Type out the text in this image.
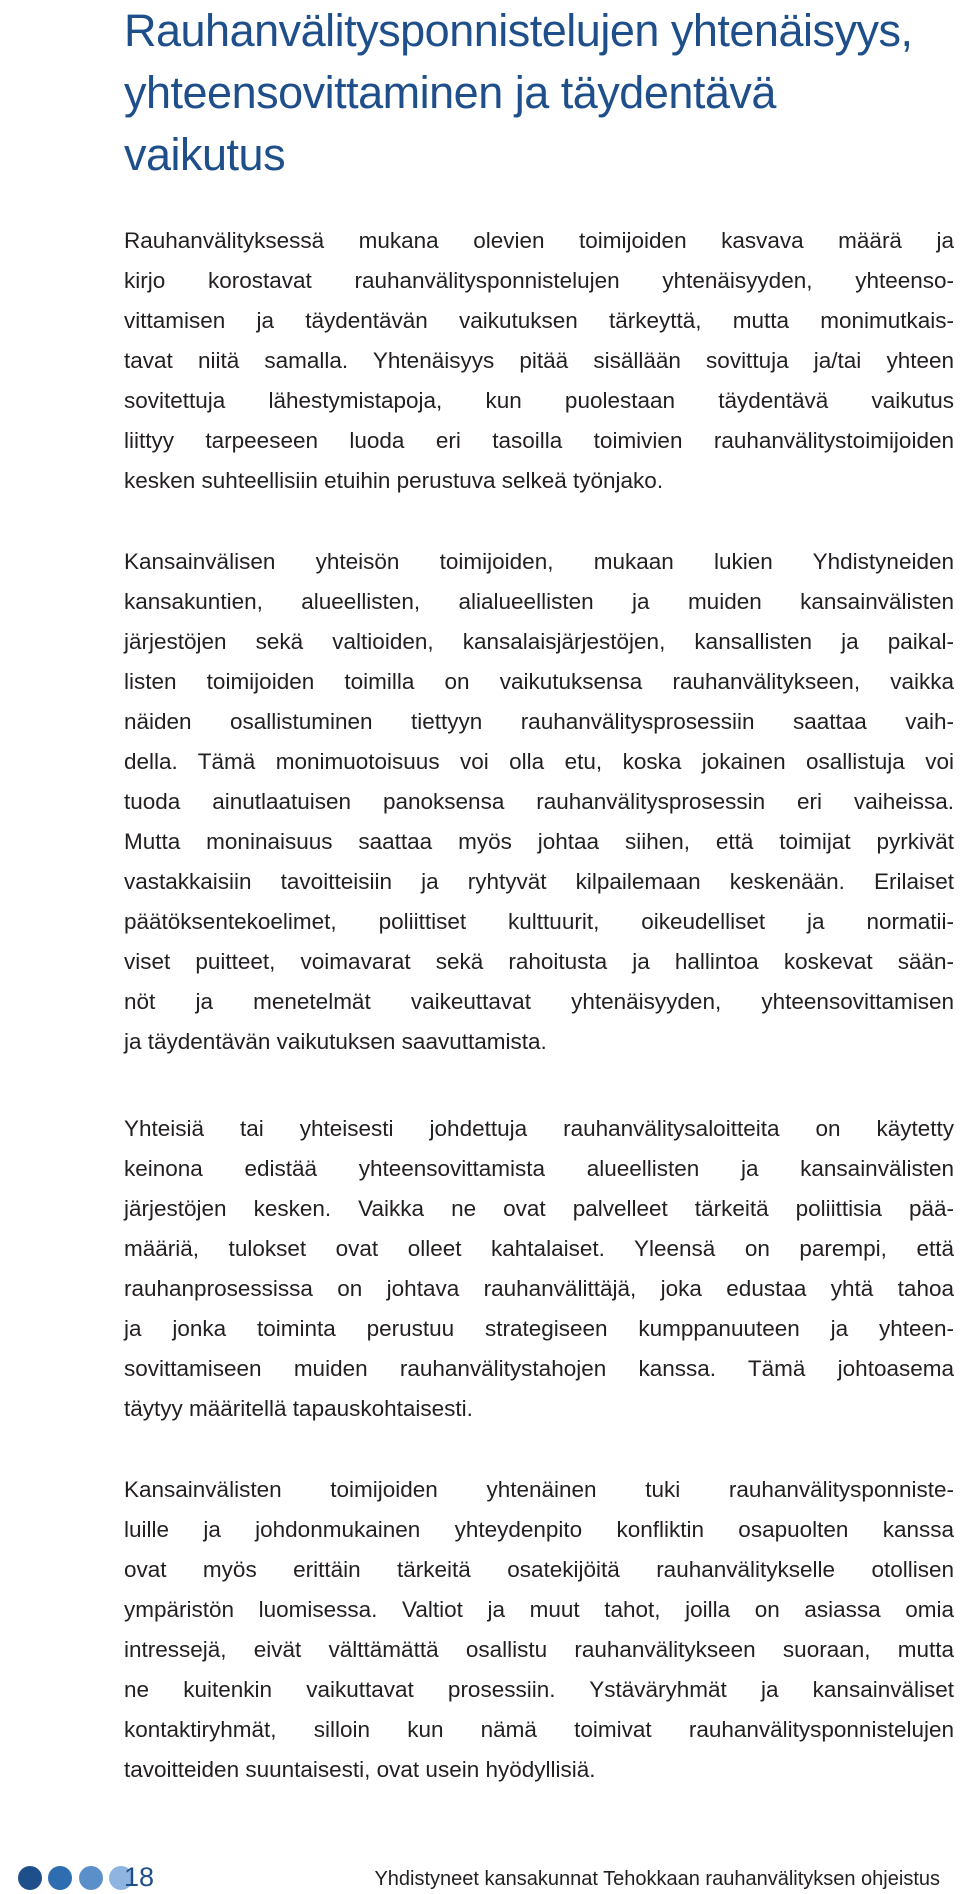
Rauhanvälitysponnistelujen yhtenäisyys,
yhteensovittaminen ja täydentävä
vaikutus
Rauhanvälityksessä mukana olevien toimijoiden kasvava määrä ja
kirjo korostavat rauhanvälitysponnistelujen yhtenäisyyden, yhteenso-
vittamisen ja täydentävän vaikutuksen tärkeyttä, mutta monimutkais-
tavat niitä samalla. Yhtenäisyys pitää sisällään sovittuja ja/tai yhteen
sovitettuja lähestymistapoja, kun puolestaan täydentävä vaikutus
liittyy tarpeeseen luoda eri tasoilla toimivien rauhanvälitystoimijoiden
kesken suhteellisiin etuihin perustuva selkeä työnjako.
Kansainvälisen yhteisön toimijoiden, mukaan lukien Yhdistyneiden
kansakuntien, alueellisten, alialueellisten ja muiden kansainvälisten
järjestöjen sekä valtioiden, kansalaisjärjestöjen, kansallisten ja paikal-
listen toimijoiden toimilla on vaikutuksensa rauhanvälitykseen, vaikka
näiden osallistuminen tiettyyn rauhanvälitysprosessiin saattaa vaih-
della. Tämä monimuotoisuus voi olla etu, koska jokainen osallistuja voi
tuoda ainutlaatuisen panoksensa rauhanvälitysprosessin eri vaiheissa.
Mutta moninaisuus saattaa myös johtaa siihen, että toimijat pyrkivät
vastakkaisiin tavoitteisiin ja ryhtyvät kilpailemaan keskenään. Erilaiset
päätöksentekoelimet, poliittiset kulttuurit, oikeudelliset ja normatii-
viset puitteet, voimavarat sekä rahoitusta ja hallintoa koskevat sään-
nöt ja menetelmät vaikeuttavat yhtenäisyyden, yhteensovittamisen
ja täydentävän vaikutuksen saavuttamista.
Yhteisiä tai yhteisesti johdettuja rauhanvälitysaloitteita on käytetty
keinona edistää yhteensovittamista alueellisten ja kansainvälisten
järjestöjen kesken. Vaikka ne ovat palvelleet tärkeitä poliittisia pää-
määriä, tulokset ovat olleet kahtalaiset. Yleensä on parempi, että
rauhanprosessissa on johtava rauhanvälittäjä, joka edustaa yhtä tahoa
ja jonka toiminta perustuu strategiseen kumppanuuteen ja yhteen-
sovittamiseen muiden rauhanvälitystahojen kanssa. Tämä johtoasema
täytyy määritellä tapauskohtaisesti.
Kansainvälisten toimijoiden yhtenäinen tuki rauhanvälitysponniste-
luille ja johdonmukainen yhteydenpito konfliktin osapuolten kanssa
ovat myös erittäin tärkeitä osatekijöitä rauhanvälitykselle otollisen
ympäristön luomisessa. Valtiot ja muut tahot, joilla on asiassa omia
intressejä, eivät välttämättä osallistu rauhanvälitykseen suoraan, mutta
ne kuitenkin vaikuttavat prosessiin. Ystäväryhmät ja kansainväliset
kontaktiryhmät, silloin kun nämä toimivat rauhanvälitysponnistelujen
tavoitteiden suuntaisesti, ovat usein hyödyllisiä.

18	Yhdistyneet kansakunnat Tehokkaan rauhanvälityksen ohjeistus
